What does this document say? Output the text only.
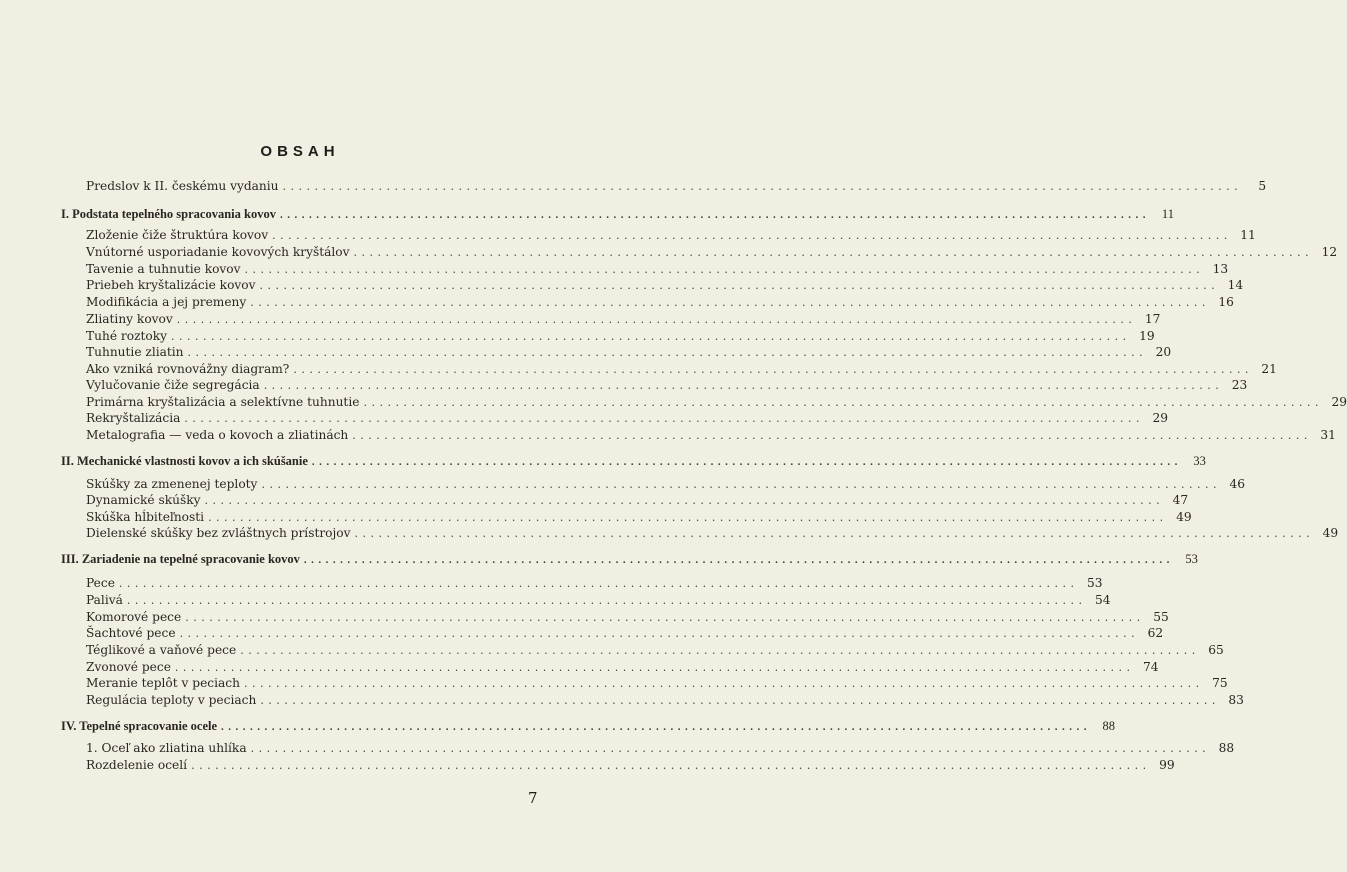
OBSAH
Predslov k II. českému vydaniu ........................................................................................................................	5
I. Podstata tepelného spracovania kovov ........................................................................................................................ 11
Zloženie čiže štruktúra kovov ........................................................................................................................ 11
Vnútorné usporiadanie kovových kryštálov ........................................................................................................................ 12
Tavenie a tuhnutie kovov ........................................................................................................................ 13
Priebeh kryštalizácie kovov ........................................................................................................................ 14
Modifikácia a jej premeny ........................................................................................................................ 16
Zliatiny kovov ........................................................................................................................ 17
Tuhé roztoky ........................................................................................................................ 19
Tuhnutie zliatin ........................................................................................................................ 20
Ako vzniká rovnovážny diagram? ........................................................................................................................ 21
Vylučovanie čiže segregácia ........................................................................................................................ 23
Primárna kryštalizácia a selektívne tuhnutie ........................................................................................................................ 29
Rekryštalizácia ........................................................................................................................ 29
Metalografia — veda o kovoch a zliatinách ........................................................................................................................ 31
II. Mechanické vlastnosti kovov a ich skúšanie ........................................................................................................................ 33
Skúšky za zmenenej teploty ........................................................................................................................ 46
Dynamické skúšky ........................................................................................................................ 47
Skúška hĺbiteľnosti ........................................................................................................................ 49
Dielenské skúšky bez zvláštnych prístrojov ........................................................................................................................ 49
III. Zariadenie na tepelné spracovanie kovov ........................................................................................................................ 53
Pece ........................................................................................................................ 53
Palivá ........................................................................................................................ 54
Komorové pece ........................................................................................................................ 55
Šachtové pece ........................................................................................................................ 62
Téglikové a vaňové pece ........................................................................................................................ 65
Zvonové pece ........................................................................................................................ 74
Meranie teplôt v peciach ........................................................................................................................ 75
Regulácia teploty v peciach ........................................................................................................................ 83
IV. Tepelné spracovanie ocele ........................................................................................................................ 88
1. Oceľ ako zliatina uhlíka ........................................................................................................................ 88
Rozdelenie ocelí ........................................................................................................................ 99
7
